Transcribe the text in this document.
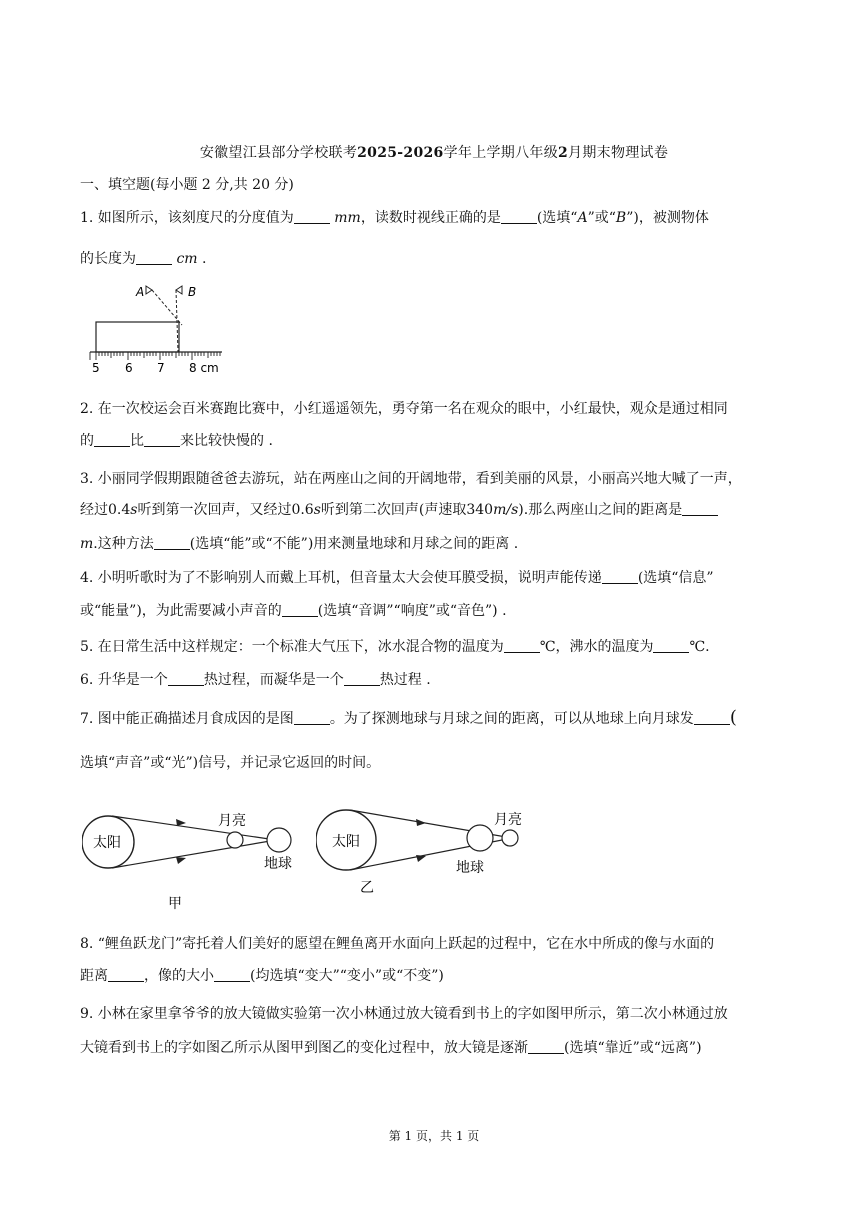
安徽望江县部分学校联考2025-2026学年上学期八年级2月期末物理试卷
一、填空题(每小题 2 分,共 20 分)
1. 如图所示，该刻度尺的分度值为	mm，读数时视线正确的是	(选填“A”或“B”)，被测物体
的长度为	cm .
A	B
5 6 7 8 cm
2. 在一次校运会百米赛跑比赛中，小红遥遥领先，勇夺第一名在观众的眼中，小红最快，观众是通过相同
的	比	来比较快慢的 .
3. 小丽同学假期跟随爸爸去游玩，站在两座山之间的开阔地带，看到美丽的风景，小丽高兴地大喊了一声，
经过0.4s听到第一次回声，又经过0.6s听到第二次回声(声速取340m/s).那么两座山之间的距离是
m.这种方法	(选填“能”或“不能”)用来测量地球和月球之间的距离 .
4. 小明听歌时为了不影响别人而戴上耳机，但音量太大会使耳膜受损，说明声能传递	(选填“信息”
或“能量”)，为此需要减小声音的	(选填“音调”“响度”或“音色”) .
5. 在日常生活中这样规定：一个标准大气压下，冰水混合物的温度为	℃，沸水的温度为	℃.
6. 升华是一个	热过程，而凝华是一个	热过程 .
7. 图中能正确描述月食成因的是图	。为了探测地球与月球之间的距离，可以从地球上向月球发 (
选填“声音”或“光”)信号，并记录它返回的时间。
太阳
月亮
地球
甲
太阳
月亮
地球
乙
8. “鲤鱼跃龙门”寄托着人们美好的愿望在鲤鱼离开水面向上跃起的过程中，它在水中所成的像与水面的
距离	，像的大小	(均选填“变大”“变小”或“不变”)
9. 小林在家里拿爷爷的放大镜做实验第一次小林通过放大镜看到书上的字如图甲所示，第二次小林通过放
大镜看到书上的字如图乙所示从图甲到图乙的变化过程中，放大镜是逐渐	(选填“靠近”或“远离”)
第 1 页，共 1 页
